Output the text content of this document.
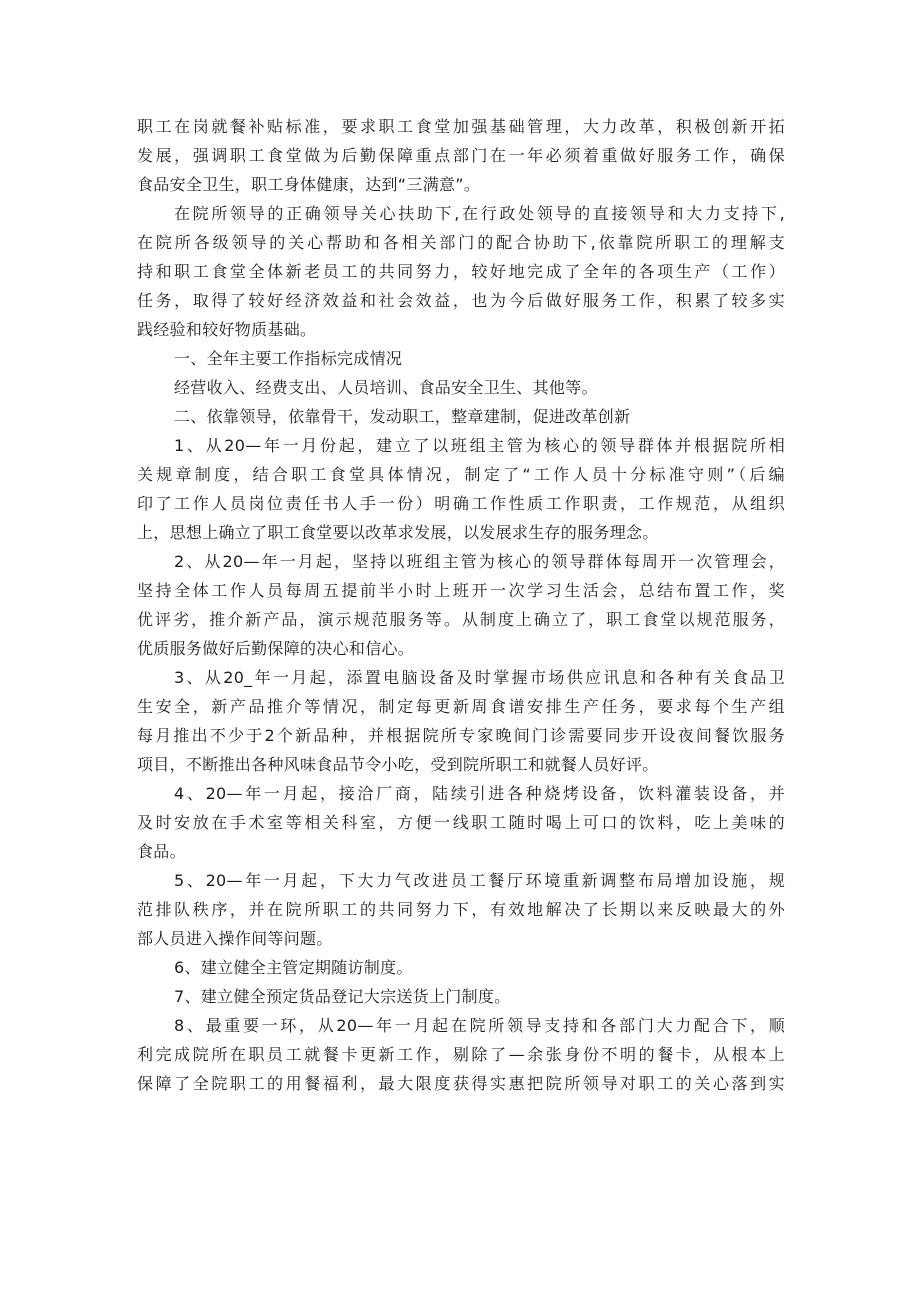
职工在岗就餐补贴标准，要求职工食堂加强基础管理，大力改革，积极创新开拓
发展，强调职工食堂做为后勤保障重点部门在一年必须着重做好服务工作，确保
食品安全卫生，职工身体健康，达到“三满意”。
在院所领导的正确领导关心扶助下,在行政处领导的直接领导和大力支持下,
在院所各级领导的关心帮助和各相关部门的配合协助下,依靠院所职工的理解支
持和职工食堂全体新老员工的共同努力，较好地完成了全年的各项生产（工作）
任务，取得了较好经济效益和社会效益，也为今后做好服务工作，积累了较多实
践经验和较好物质基础。
一、全年主要工作指标完成情况
经营收入、经费支出、人员培训、食品安全卫生、其他等。
二、依靠领导，依靠骨干，发动职工，整章建制，促进改革创新
1、从20—年一月份起，建立了以班组主管为核心的领导群体并根据院所相
关规章制度，结合职工食堂具体情况，制定了“工作人员十分标准守则”（后编
印了工作人员岗位责任书人手一份）明确工作性质工作职责，工作规范，从组织
上，思想上确立了职工食堂要以改革求发展，以发展求生存的服务理念。
2、从20—年一月起，坚持以班组主管为核心的领导群体每周开一次管理会，
坚持全体工作人员每周五提前半小时上班开一次学习生活会，总结布置工作，奖
优评劣，推介新产品，演示规范服务等。从制度上确立了，职工食堂以规范服务，
优质服务做好后勤保障的决心和信心。
3、从20_年一月起，添置电脑设备及时掌握市场供应讯息和各种有关食品卫
生安全，新产品推介等情况，制定每更新周食谱安排生产任务，要求每个生产组
每月推出不少于2个新品种，并根据院所专家晚间门诊需要同步开设夜间餐饮服务
项目，不断推出各种风味食品节令小吃，受到院所职工和就餐人员好评。
4、20—年一月起，接洽厂商，陆续引进各种烧烤设备，饮料灌装设备，并
及时安放在手术室等相关科室，方便一线职工随时喝上可口的饮料，吃上美味的
食品。
5、20—年一月起，下大力气改进员工餐厅环境重新调整布局增加设施，规
范排队秩序，并在院所职工的共同努力下，有效地解决了长期以来反映最大的外
部人员进入操作间等问题。
6、建立健全主管定期随访制度。
7、建立健全预定货品登记大宗送货上门制度。
8、最重要一环，从20—年一月起在院所领导支持和各部门大力配合下，顺
利完成院所在职员工就餐卡更新工作，剔除了—余张身份不明的餐卡，从根本上
保障了全院职工的用餐福利，最大限度获得实惠把院所领导对职工的关心落到实
